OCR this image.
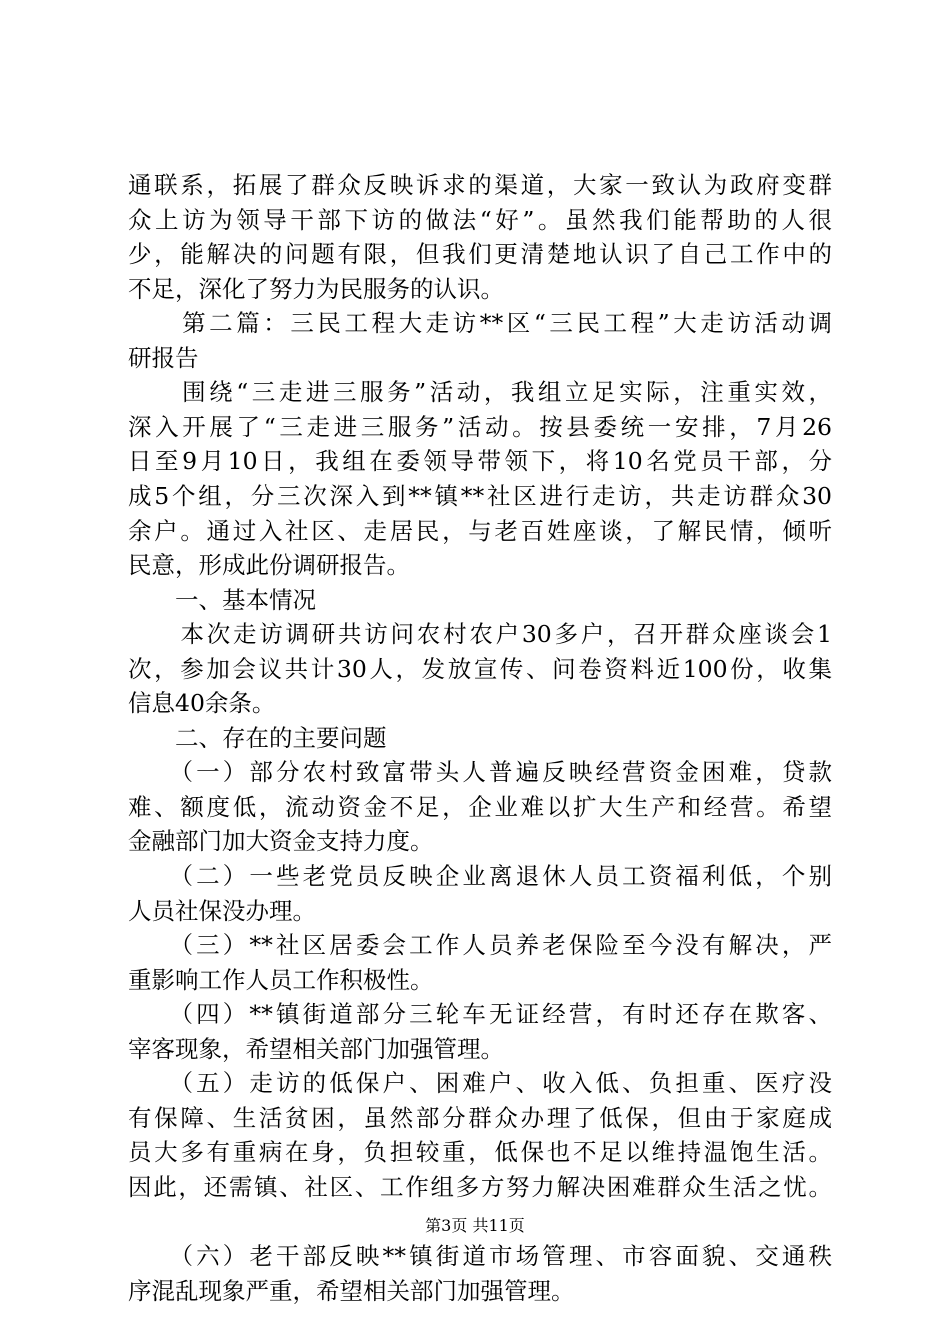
通联系，拓展了群众反映诉求的渠道，大家一致认为政府变群
众上访为领导干部下访的做法“好”。虽然我们能帮助的人很
少，能解决的问题有限，但我们更清楚地认识了自己工作中的
不足，深化了努力为民服务的认识。
　　第二篇：三民工程大走访**区“三民工程”大走访活动调
研报告
　　围绕“三走进三服务”活动，我组立足实际，注重实效，
深入开展了“三走进三服务”活动。按县委统一安排，7月26
日至9月10日，我组在委领导带领下，将10名党员干部，分
成5个组，分三次深入到**镇**社区进行走访，共走访群众30
余户。通过入社区、走居民，与老百姓座谈，了解民情，倾听
民意，形成此份调研报告。
　　一、基本情况
　　本次走访调研共访问农村农户30多户，召开群众座谈会1
次，参加会议共计30人，发放宣传、问卷资料近100份，收集
信息40余条。
　　二、存在的主要问题
　　（一）部分农村致富带头人普遍反映经营资金困难，贷款
难、额度低，流动资金不足，企业难以扩大生产和经营。希望
金融部门加大资金支持力度。
　　（二）一些老党员反映企业离退休人员工资福利低，个别
人员社保没办理。
　　（三）**社区居委会工作人员养老保险至今没有解决，严
重影响工作人员工作积极性。
　　（四）**镇街道部分三轮车无证经营，有时还存在欺客、
宰客现象，希望相关部门加强管理。
　　（五）走访的低保户、困难户、收入低、负担重、医疗没
有保障、生活贫困，虽然部分群众办理了低保，但由于家庭成
员大多有重病在身，负担较重，低保也不足以维持温饱生活。
因此，还需镇、社区、工作组多方努力解决困难群众生活之忧。
　　（六）老干部反映**镇街道市场管理、市容面貌、交通秩
序混乱现象严重，希望相关部门加强管理。
第3页 共11页
